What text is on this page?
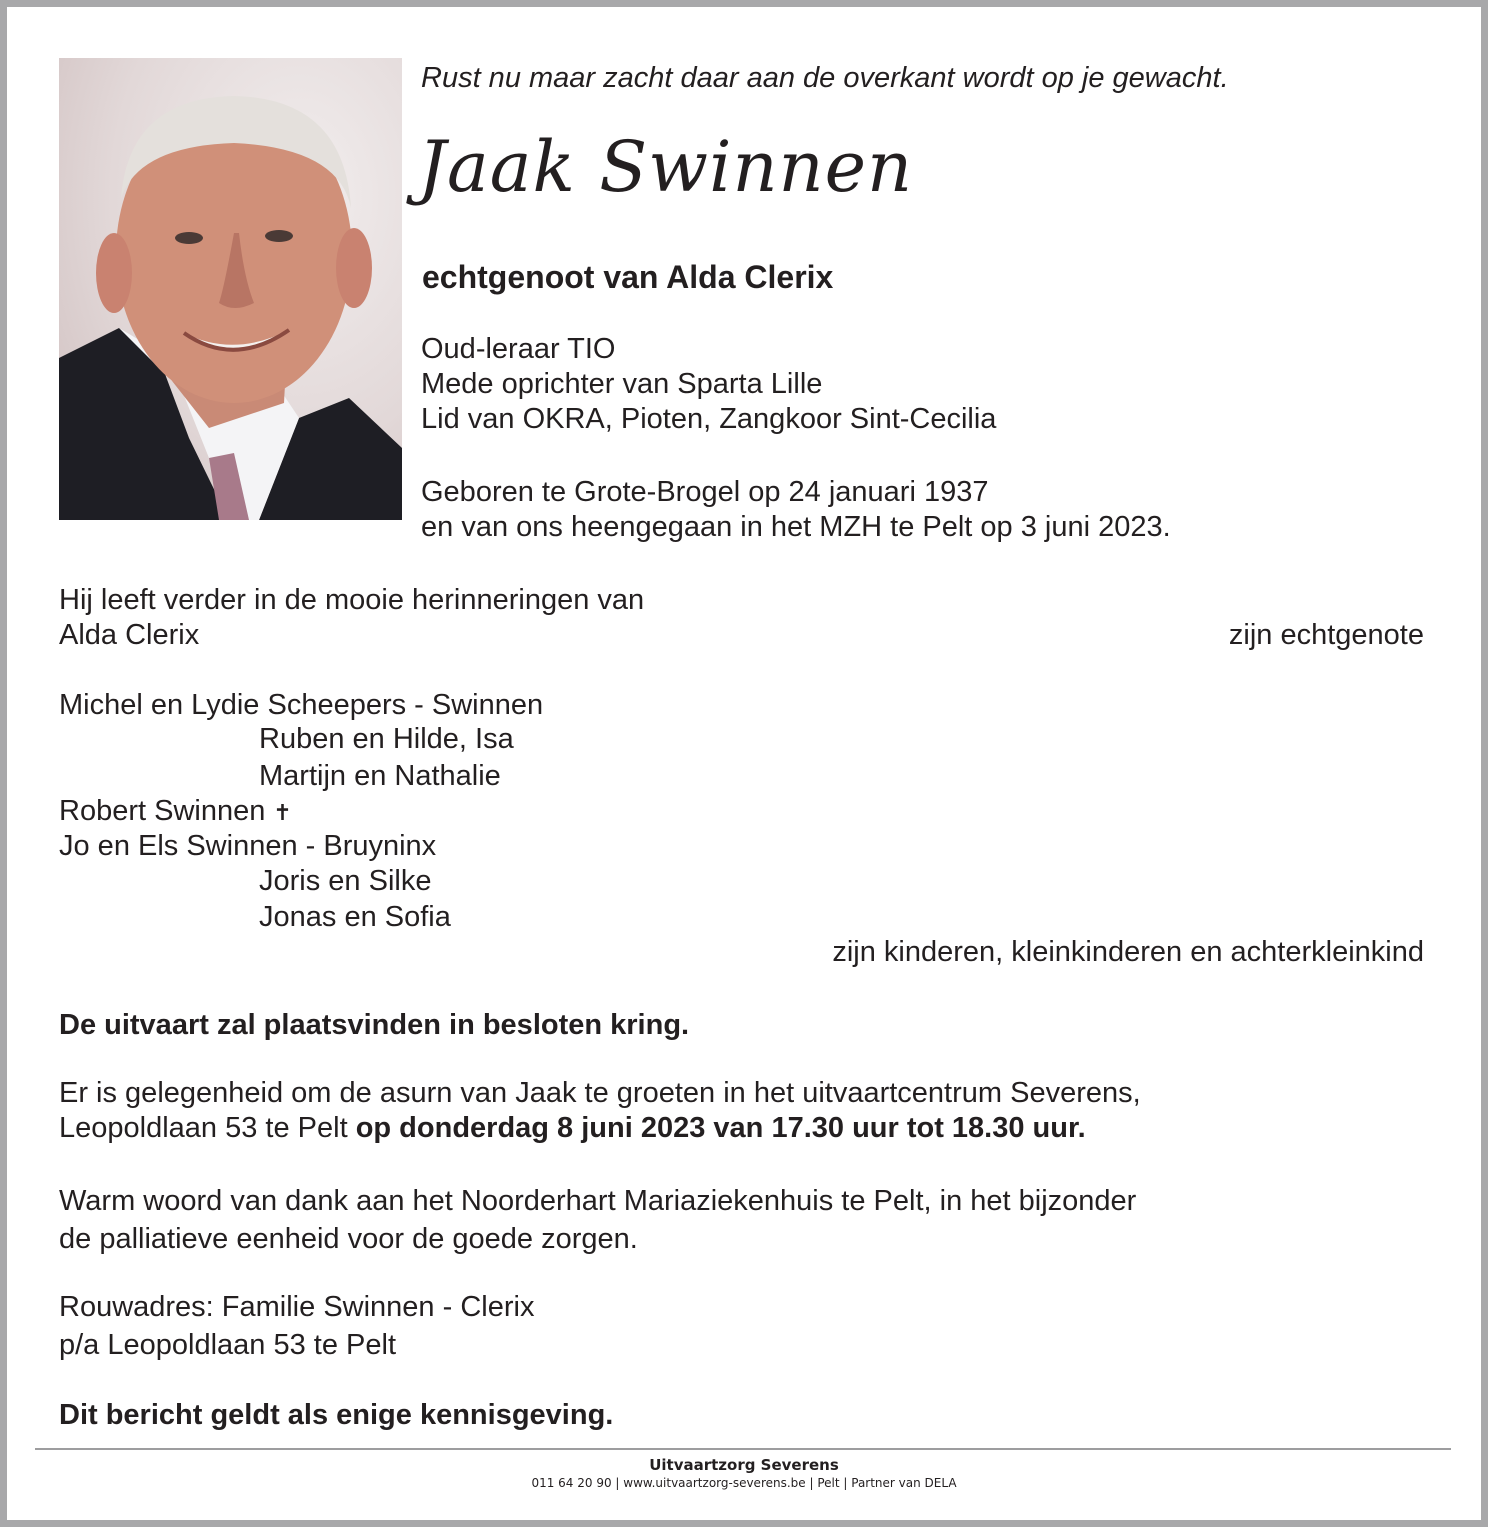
Rust nu maar zacht daar aan de overkant wordt op je gewacht.
Jaak Swinnen
echtgenoot van Alda Clerix
Oud-leraar TIO
Mede oprichter van Sparta Lille
Lid van OKRA, Pioten, Zangkoor Sint-Cecilia
Geboren te Grote-Brogel op 24 januari 1937
en van ons heengegaan in het MZH te Pelt op 3 juni 2023.
Hij leeft verder in de mooie herinneringen van
Alda Clerix	zijn echtgenote
Michel en Lydie Scheepers - Swinnen
Ruben en Hilde, Isa
Martijn en Nathalie
Robert Swinnen ✝
Jo en Els Swinnen - Bruyninx
Joris en Silke
Jonas en Sofia
zijn kinderen, kleinkinderen en achterkleinkind
De uitvaart zal plaatsvinden in besloten kring.
Er is gelegenheid om de asurn van Jaak te groeten in het uitvaartcentrum Severens,
Leopoldlaan 53 te Pelt op donderdag 8 juni 2023 van 17.30 uur tot 18.30 uur.
Warm woord van dank aan het Noorderhart Mariaziekenhuis te Pelt, in het bijzonder
de palliatieve eenheid voor de goede zorgen.
Rouwadres: Familie Swinnen - Clerix
p/a Leopoldlaan 53 te Pelt
Dit bericht geldt als enige kennisgeving.
Uitvaartzorg Severens
011 64 20 90 | www.uitvaartzorg-severens.be | Pelt | Partner van DELA
